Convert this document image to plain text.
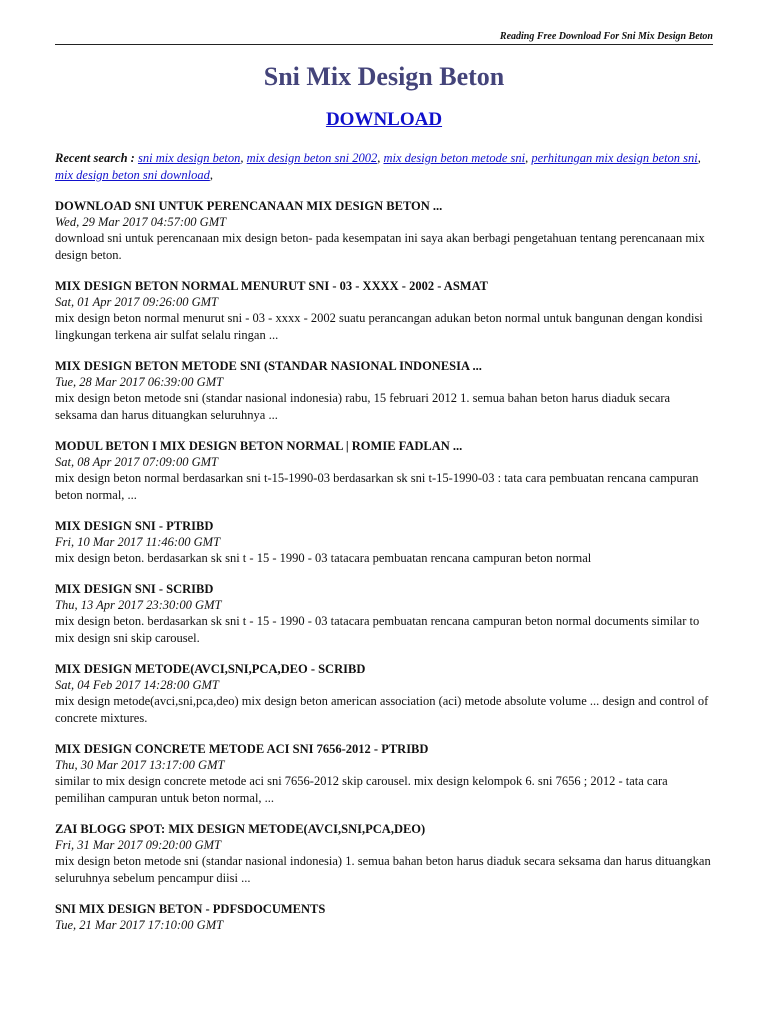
Reading Free Download For Sni Mix Design Beton
Sni Mix Design Beton
DOWNLOAD
Recent search : sni mix design beton, mix design beton sni 2002, mix design beton metode sni, perhitungan mix design beton sni, mix design beton sni download,
DOWNLOAD SNI UNTUK PERENCANAAN MIX DESIGN BETON ...
Wed, 29 Mar 2017 04:57:00 GMT
download sni untuk perencanaan mix design beton- pada kesempatan ini saya akan berbagi pengetahuan tentang perencanaan mix design beton.
MIX DESIGN BETON NORMAL MENURUT SNI - 03 - XXXX - 2002 - ASMAT
Sat, 01 Apr 2017 09:26:00 GMT
mix design beton normal menurut sni - 03 - xxxx - 2002 suatu perancangan adukan beton normal untuk bangunan dengan kondisi lingkungan terkena air sulfat selalu ringan ...
MIX DESIGN BETON METODE SNI (STANDAR NASIONAL INDONESIA ...
Tue, 28 Mar 2017 06:39:00 GMT
mix design beton metode sni (standar nasional indonesia) rabu, 15 februari 2012 1. semua bahan beton harus diaduk secara seksama dan harus dituangkan seluruhnya ...
MODUL BETON I MIX DESIGN BETON NORMAL | ROMIE FADLAN ...
Sat, 08 Apr 2017 07:09:00 GMT
mix design beton normal berdasarkan sni t-15-1990-03 berdasarkan sk sni t-15-1990-03 : tata cara pembuatan rencana campuran beton normal, ...
MIX DESIGN SNI - PTRIBD
Fri, 10 Mar 2017 11:46:00 GMT
mix design beton. berdasarkan sk sni t - 15 - 1990 - 03 tatacara pembuatan rencana campuran beton normal
MIX DESIGN SNI - SCRIBD
Thu, 13 Apr 2017 23:30:00 GMT
mix design beton. berdasarkan sk sni t - 15 - 1990 - 03 tatacara pembuatan rencana campuran beton normal documents similar to mix design sni skip carousel.
MIX DESIGN METODE(AVCI,SNI,PCA,DEO - SCRIBD
Sat, 04 Feb 2017 14:28:00 GMT
mix design metode(avci,sni,pca,deo) mix design beton american association (aci) metode absolute volume ... design and control of concrete mixtures.
MIX DESIGN CONCRETE METODE ACI SNI 7656-2012 - PTRIBD
Thu, 30 Mar 2017 13:17:00 GMT
similar to mix design concrete metode aci sni 7656-2012 skip carousel. mix design kelompok 6. sni 7656 ; 2012 - tata cara pemilihan campuran untuk beton normal, ...
ZAI BLOGG SPOT: MIX DESIGN METODE(AVCI,SNI,PCA,DEO)
Fri, 31 Mar 2017 09:20:00 GMT
mix design beton metode sni (standar nasional indonesia) 1. semua bahan beton harus diaduk secara seksama dan harus dituangkan seluruhnya sebelum pencampur diisi ...
SNI MIX DESIGN BETON - PDFSDOCUMENTS
Tue, 21 Mar 2017 17:10:00 GMT
